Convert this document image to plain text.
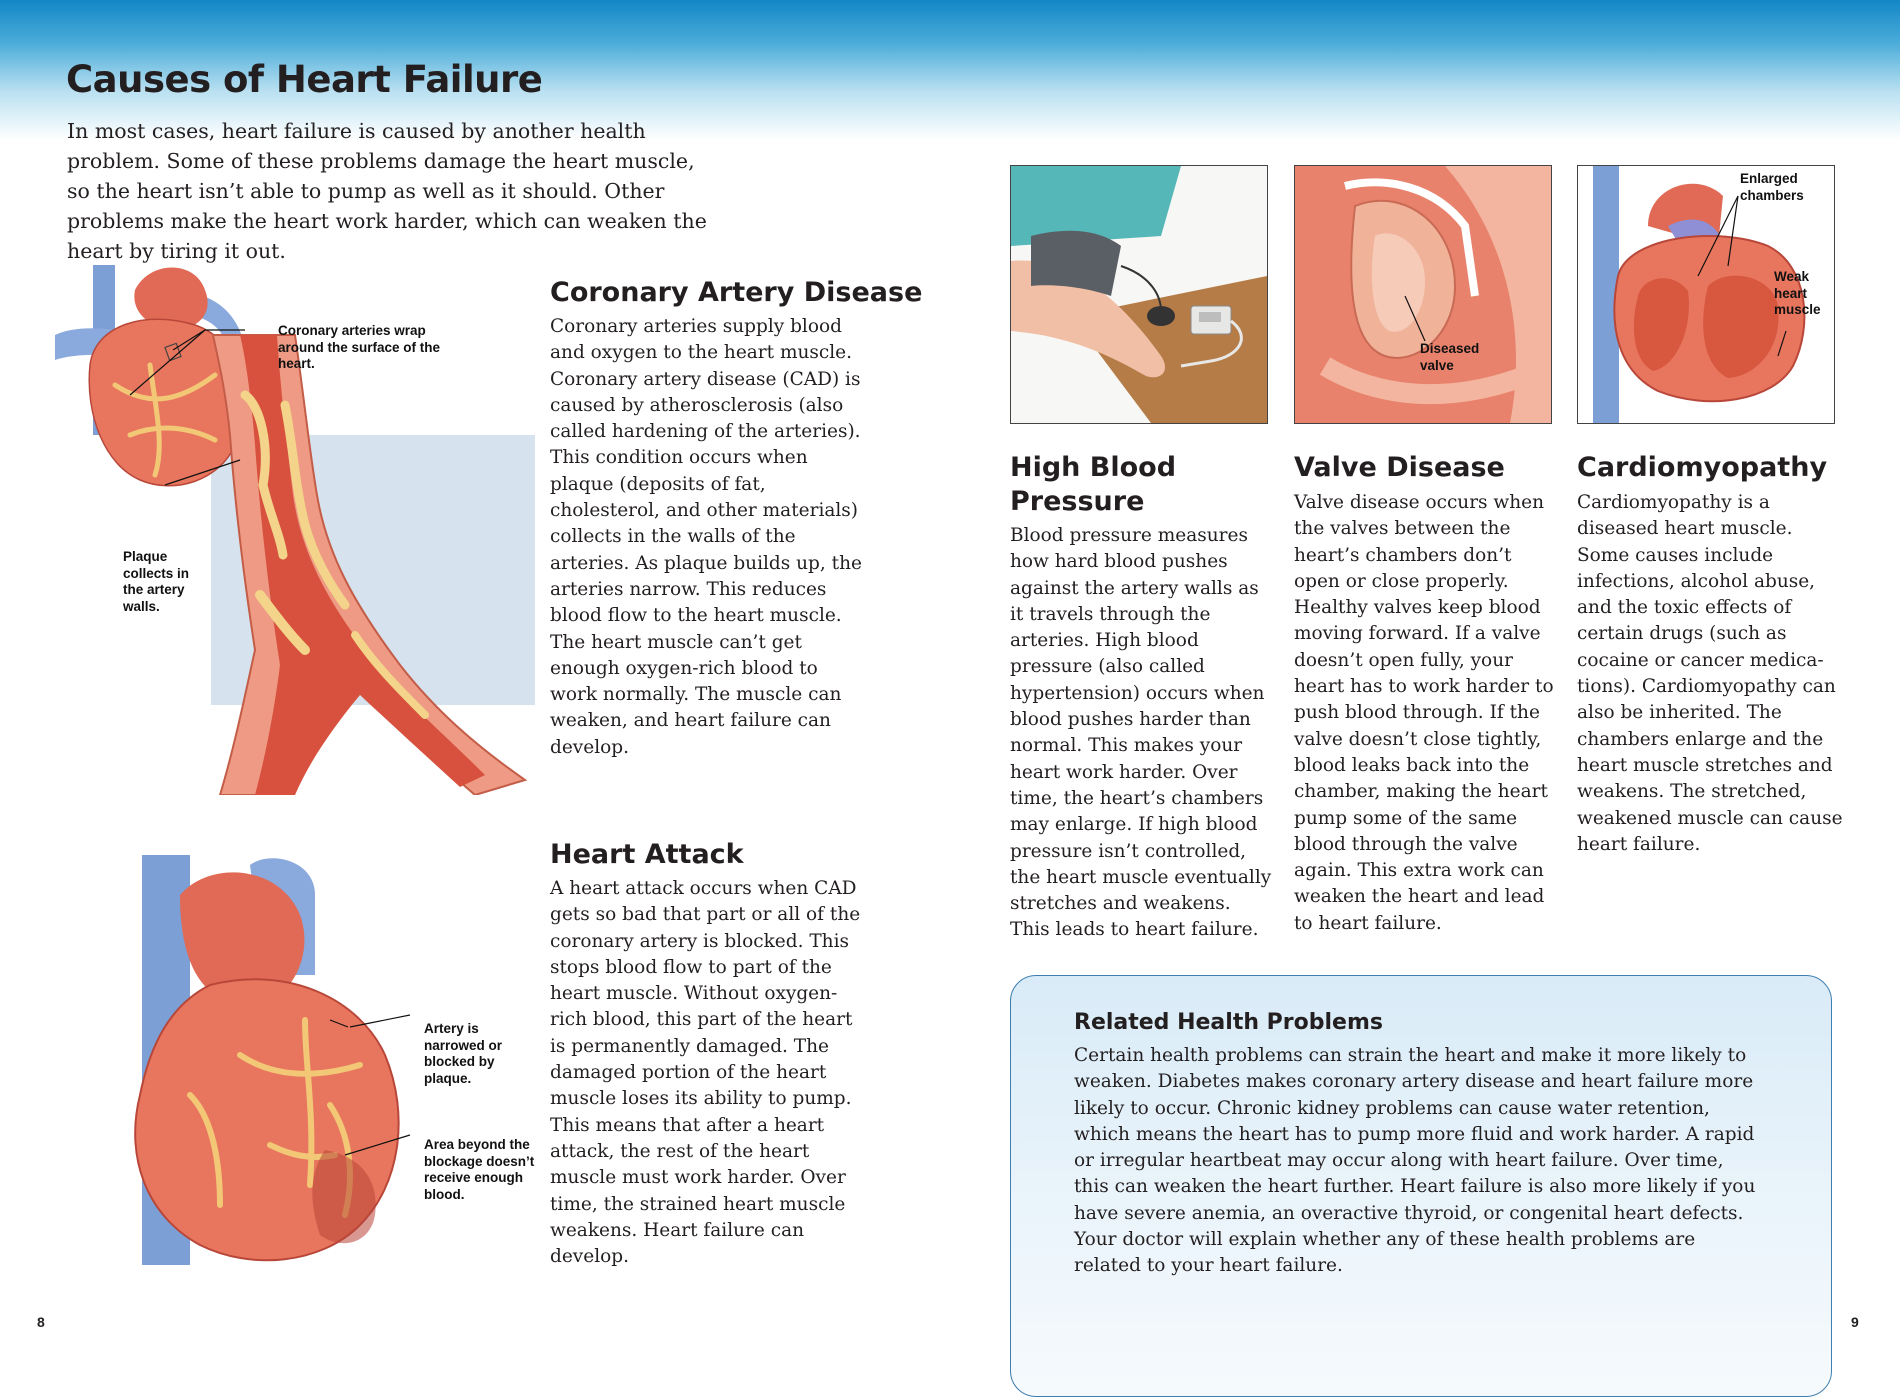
Causes of Heart Failure

In most cases, heart failure is caused by another health problem. Some of these problems damage the heart muscle, so the heart isn’t able to pump as well as it should. Other problems make the heart work harder, which can weaken the heart by tiring it out.

Coronary arteries wrap around the surface of the heart.
Plaque collects in the artery walls.
Coronary Artery Disease

Coronary arteries supply blood and oxygen to the heart muscle. Coronary artery disease (CAD) is caused by atherosclerosis (also called hardening of the arteries). This condition occurs when plaque (deposits of fat, cholesterol, and other materials) collects in the walls of the arteries. As plaque builds up, the arteries narrow. This reduces blood flow to the heart muscle. The heart muscle can’t get enough oxygen-rich blood to work normally. The muscle can weaken, and heart failure can develop.

Artery is narrowed or blocked by plaque.
Area beyond the blockage doesn’t receive enough blood.
Heart Attack

A heart attack occurs when CAD gets so bad that part or all of the coronary artery is blocked. This stops blood flow to part of the heart muscle. Without oxygen-rich blood, this part of the heart is permanently damaged. The damaged portion of the heart muscle loses its ability to pump. This means that after a heart attack, the rest of the heart muscle must work harder. Over time, the strained heart muscle weakens. Heart failure can develop.

Diseased valve
Enlarged chambers
Weak heart muscle
High Blood Pressure

Blood pressure measures how hard blood pushes against the artery walls as it travels through the arteries. High blood pressure (also called hypertension) occurs when blood pushes harder than normal. This makes your heart work harder. Over time, the heart’s chambers may enlarge. If high blood pressure isn’t controlled, the heart muscle eventually stretches and weakens. This leads to heart failure.

Valve Disease

Valve disease occurs when the valves between the heart’s chambers don’t open or close properly. Healthy valves keep blood moving forward. If a valve doesn’t open fully, your heart has to work harder to push blood through. If the valve doesn’t close tightly, blood leaks back into the chamber, making the heart pump some of the same blood through the valve again. This extra work can weaken the heart and lead to heart failure.

Cardiomyopathy

Cardiomyopathy is a diseased heart muscle. Some causes include infections, alcohol abuse, and the toxic effects of certain drugs (such as cocaine or cancer medica-tions). Cardiomyopathy can also be inherited. The chambers enlarge and the heart muscle stretches and weakens. The stretched, weakened muscle can cause heart failure.

Related Health Problems

Certain health problems can strain the heart and make it more likely to weaken. Diabetes makes coronary artery disease and heart failure more likely to occur. Chronic kidney problems can cause water retention, which means the heart has to pump more fluid and work harder. A rapid or irregular heartbeat may occur along with heart failure. Over time, this can weaken the heart further. Heart failure is also more likely if you have severe anemia, an overactive thyroid, or congenital heart defects. Your doctor will explain whether any of these health problems are related to your heart failure.

8	9
